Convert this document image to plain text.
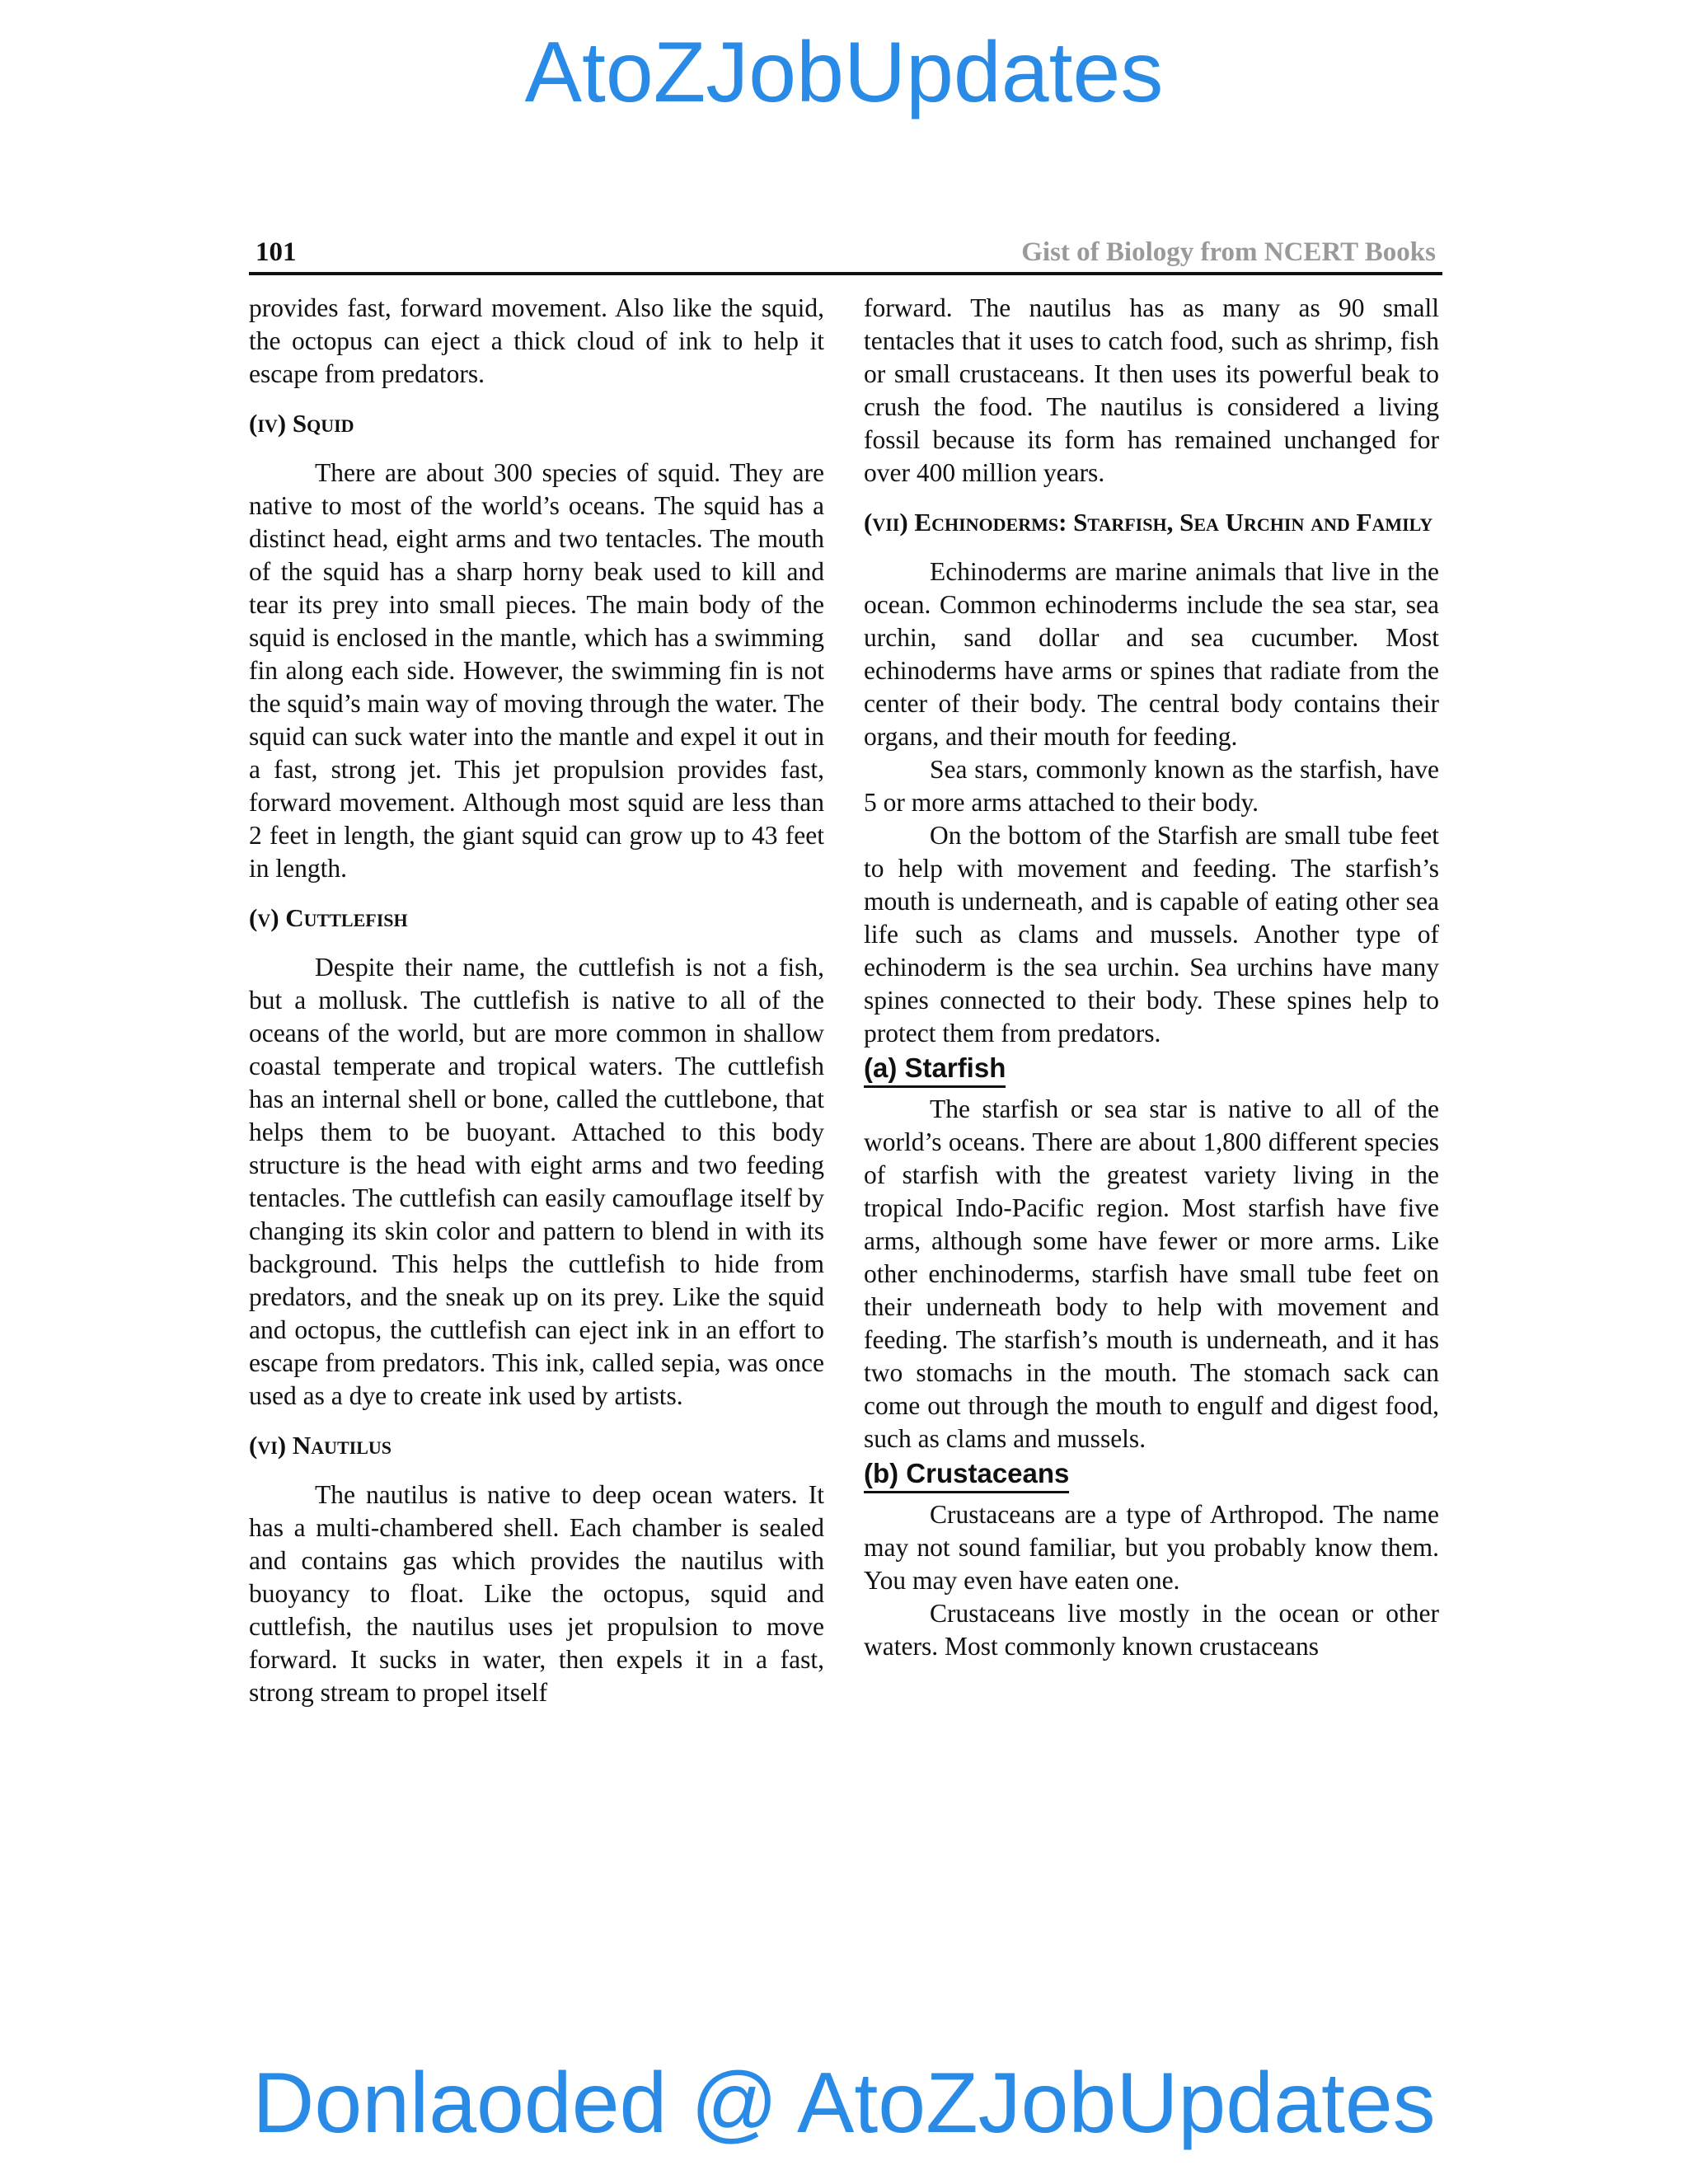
AtoZJobUpdates
101	Gist of Biology from NCERT Books

provides fast, forward movement. Also like the squid, the octopus can eject a thick cloud of ink to help it escape from predators.

(iv) Squid

There are about 300 species of squid. They are native to most of the world’s oceans. The squid has a distinct head, eight arms and two tentacles. The mouth of the squid has a sharp horny beak used to kill and tear its prey into small pieces. The main body of the squid is enclosed in the mantle, which has a swimming fin along each side. However, the swimming fin is not the squid’s main way of moving through the water. The squid can suck water into the mantle and expel it out in a fast, strong jet. This jet propulsion provides fast, forward movement. Although most squid are less than 2 feet in length, the giant squid can grow up to 43 feet in length.

(v) Cuttlefish

Despite their name, the cuttlefish is not a fish, but a mollusk. The cuttlefish is native to all of the oceans of the world, but are more common in shallow coastal temperate and tropical waters. The cuttlefish has an internal shell or bone, called the cuttlebone, that helps them to be buoyant. Attached to this body structure is the head with eight arms and two feeding tentacles. The cuttlefish can easily camouflage itself by changing its skin color and pattern to blend in with its background. This helps the cuttlefish to hide from predators, and the sneak up on its prey. Like the squid and octopus, the cuttlefish can eject ink in an effort to escape from predators. This ink, called sepia, was once used as a dye to create ink used by artists.

(vi) Nautilus

The nautilus is native to deep ocean waters. It has a multi-chambered shell. Each chamber is sealed and contains gas which provides the nautilus with buoyancy to float. Like the octopus, squid and cuttlefish, the nautilus uses jet propulsion to move forward. It sucks in water, then expels it in a fast, strong stream to propel itself

forward. The nautilus has as many as 90 small tentacles that it uses to catch food, such as shrimp, fish or small crustaceans. It then uses its powerful beak to crush the food. The nautilus is considered a living fossil because its form has remained unchanged for over 400 million years.

(vii) Echinoderms: Starfish, Sea Urchin and Family

Echinoderms are marine animals that live in the ocean. Common echinoderms include the sea star, sea urchin, sand dollar and sea cucumber. Most echinoderms have arms or spines that radiate from the center of their body. The central body contains their organs, and their mouth for feeding.

Sea stars, commonly known as the starfish, have 5 or more arms attached to their body.

On the bottom of the Starfish are small tube feet to help with movement and feeding. The starfish’s mouth is underneath, and is capable of eating other sea life such as clams and mussels. Another type of echinoderm is the sea urchin. Sea urchins have many spines connected to their body. These spines help to protect them from predators.

(a) Starfish

The starfish or sea star is native to all of the world’s oceans. There are about 1,800 different species of starfish with the greatest variety living in the tropical Indo-Pacific region. Most starfish have five arms, although some have fewer or more arms. Like other enchinoderms, starfish have small tube feet on their underneath body to help with movement and feeding. The starfish’s mouth is underneath, and it has two stomachs in the mouth. The stomach sack can come out through the mouth to engulf and digest food, such as clams and mussels.

(b) Crustaceans

Crustaceans are a type of Arthropod. The name may not sound familiar, but you probably know them. You may even have eaten one.

Crustaceans live mostly in the ocean or other waters. Most commonly known crustaceans

Donlaoded @ AtoZJobUpdates
